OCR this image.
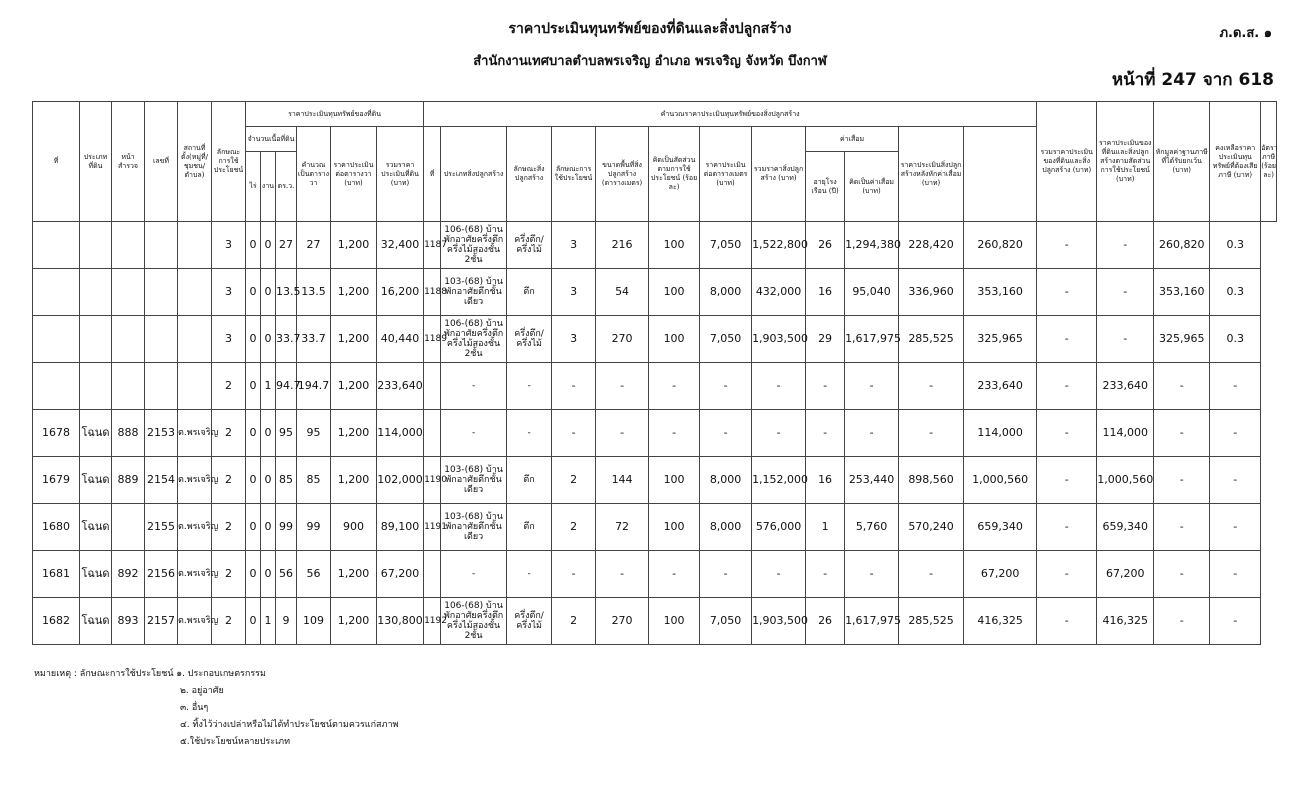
ราคาประเมินทุนทรัพย์ของที่ดินและสิ่งปลูกสร้าง
สำนักงานเทศบาลตำบลพรเจริญ อำเภอ พรเจริญ จังหวัด บึงกาฬ
ภ.ด.ส. ๑
หน้าที่ 247 จาก 618
ที่	ประเภทที่ดิน	หน้าสำรวจ	เลขที่	สถานที่ตั้ง(หมู่ที่/ชุมชน/ตำบล)	ลักษณะการใช้ประโยชน์	ราคาประเมินทุนทรัพย์ของที่ดิน						คำนวณราคาประเมินทุนทรัพย์ของสิ่งปลูกสร้าง												รวมราคาประเมินของที่ดินและสิ่งปลูกสร้าง (บาท)	ราคาประเมินของที่ดินและสิ่งปลูกสร้างตามสัดส่วนการใช้ประโยชน์ (บาท)	หักมูลค่าฐานภาษีที่ได้รับยกเว้น (บาท)	คงเหลือราคาประเมินทุนทรัพย์ที่ต้องเสียภาษี (บาท)	อัตราภาษี (ร้อยละ)
						จำนวนเนื้อที่ดิน			คำนวณเป็นตารางวา	ราคาประเมินต่อตารางวา (บาท)	รวมราคาประเมินที่ดิน (บาท)	ที่	ประเภทสิ่งปลูกสร้าง	ลักษณะสิ่งปลูกสร้าง	ลักษณะการใช้ประโยชน์	ขนาดพื้นที่สิ่งปลูกสร้าง (ตารางเมตร)	คิดเป็นสัดส่วนตามการใช้ประโยชน์ (ร้อยละ)	ราคาประเมินต่อตารางเมตร (บาท)	รวมราคาสิ่งปลูกสร้าง (บาท)	ค่าเสื่อม		ราคาประเมินสิ่งปลูกสร้างหลังหักค่าเสื่อม (บาท)						
						ไร่	งาน	ตร.ว.												อายุโรงเรือน (ปี)	คิดเป็นค่าเสื่อม (บาท)							
					3	0	0	27	27	1,200	32,400	1187	106-(68) บ้านพักอาศัยครึ่งตึกครึ่งไม้สองชั้น 2ชั้น	ครึ่งตึก/ครึ่งไม้	3	216	100	7,050	1,522,800	26	1,294,380	228,420	260,820	-	-	260,820	0.3	
					3	0	0	13.5	13.5	1,200	16,200	1188	103-(68) บ้านพักอาศัยตึกชั้นเดียว	ตึก	3	54	100	8,000	432,000	16	95,040	336,960	353,160	-	-	353,160	0.3	
					3	0	0	33.7	33.7	1,200	40,440	1189	106-(68) บ้านพักอาศัยครึ่งตึกครึ่งไม้สองชั้น 2ชั้น	ครึ่งตึก/ครึ่งไม้	3	270	100	7,050	1,903,500	29	1,617,975	285,525	325,965	-	-	325,965	0.3	
					2	0	1	94.7	194.7	1,200	233,640		-	-	-	-	-	-	-	-	-	-	233,640	-	233,640	-	-	
1678	โฉนด	888	2153	ต.พรเจริญ	2	0	0	95	95	1,200	114,000		-	-	-	-	-	-	-	-	-	-	114,000	-	114,000	-	-	
1679	โฉนด	889	2154	ต.พรเจริญ	2	0	0	85	85	1,200	102,000	1190	103-(68) บ้านพักอาศัยตึกชั้นเดียว	ตึก	2	144	100	8,000	1,152,000	16	253,440	898,560	1,000,560	-	1,000,560	-	-	
1680	โฉนด		2155	ต.พรเจริญ	2	0	0	99	99	900	89,100	1191	103-(68) บ้านพักอาศัยตึกชั้นเดียว	ตึก	2	72	100	8,000	576,000	1	5,760	570,240	659,340	-	659,340	-	-	
1681	โฉนด	892	2156	ต.พรเจริญ	2	0	0	56	56	1,200	67,200		-	-	-	-	-	-	-	-	-	-	67,200	-	67,200	-	-	
1682	โฉนด	893	2157	ต.พรเจริญ	2	0	1	9	109	1,200	130,800	1192	106-(68) บ้านพักอาศัยครึ่งตึกครึ่งไม้สองชั้น 2ชั้น	ครึ่งตึก/ครึ่งไม้	2	270	100	7,050	1,903,500	26	1,617,975	285,525	416,325	-	416,325	-	-	
หมายเหตุ : ลักษณะการใช้ประโยชน์ ๑. ประกอบเกษตรกรรม
๒. อยู่อาศัย
๓. อื่นๆ
๔. ทิ้งไว้ว่างเปล่าหรือไม่ได้ทำประโยชน์ตามควรแก่สภาพ
๕.ใช้ประโยชน์หลายประเภท
